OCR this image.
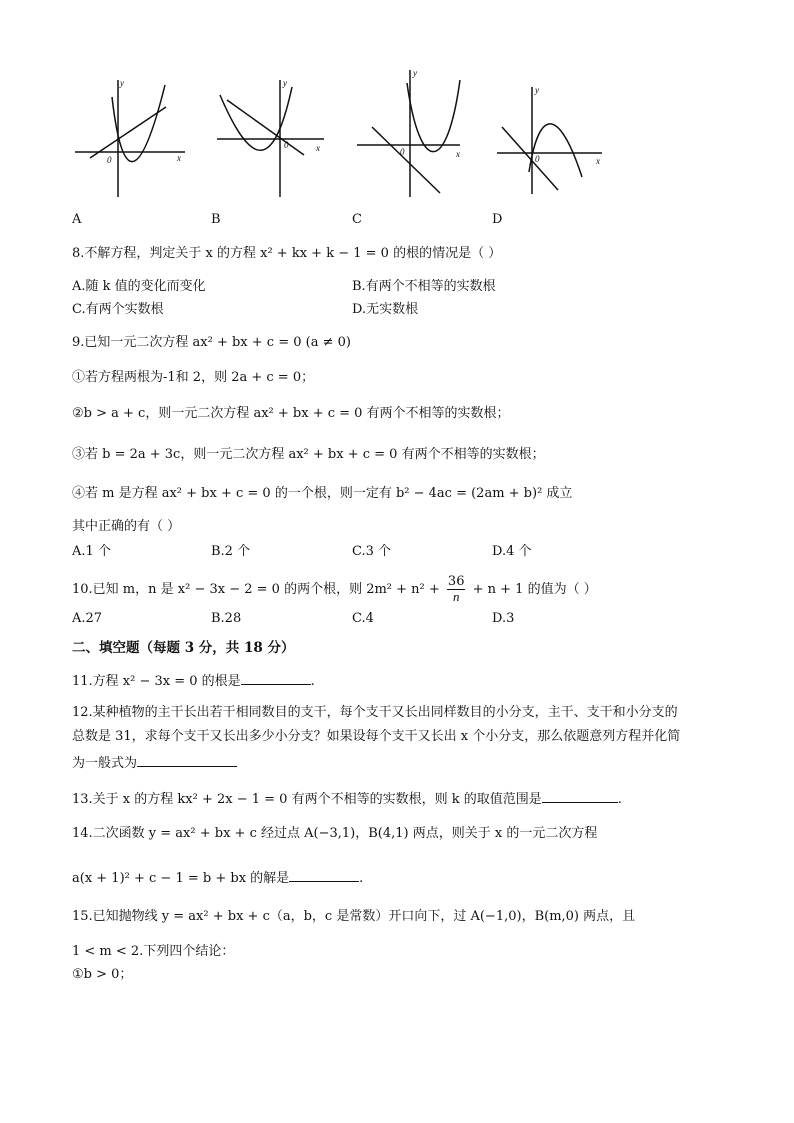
y
x
0
y
x
0
y
x
0
y
x
0
A	B	C	D
8.不解方程，判定关于 x 的方程 x² + kx + k − 1 = 0 的根的情况是（ ）
A.随 k 值的变化而变化	B.有两个不相等的实数根
C.有两个实数根	D.无实数根
9.已知一元二次方程 ax² + bx + c = 0 (a ≠ 0)
①若方程两根为-1和 2，则 2a + c = 0；
②b > a + c，则一元二次方程 ax² + bx + c = 0 有两个不相等的实数根；
③若 b = 2a + 3c，则一元二次方程 ax² + bx + c = 0 有两个不相等的实数根；
④若 m 是方程 ax² + bx + c = 0 的一个根，则一定有 b² − 4ac = (2am + b)² 成立
其中正确的有（ ）
A.1 个	B.2 个	C.3 个	D.4 个
10.已知 m，n 是 x² − 3x − 2 = 0 的两个根，则 $2m^2 + n^2 + \frac{36}{n} + n + 1$ 的值为（ ）
A.27	B.28	C.4	D.3
二、填空题（每题 3 分，共 18 分）
11.方程 x² − 3x = 0 的根是	.
12.某种植物的主干长出若干相同数目的支干，每个支干又长出同样数目的小分支，主干、支干和小分支的
总数是 31，求每个支干又长出多少小分支？如果设每个支干又长出 x 个小分支，那么依题意列方程并化简
为一般式为
13.关于 x 的方程 kx² + 2x − 1 = 0 有两个不相等的实数根，则 k 的取值范围是	.
14.二次函数 y = ax² + bx + c 经过点 A(−3,1)，B(4,1) 两点，则关于 x 的一元二次方程
a(x + 1)² + c − 1 = b + bx 的解是	.
15.已知抛物线 y = ax² + bx + c（a，b，c 是常数）开口向下，过 A(−1,0)，B(m,0) 两点，且
1 < m < 2.下列四个结论：
①b > 0；
